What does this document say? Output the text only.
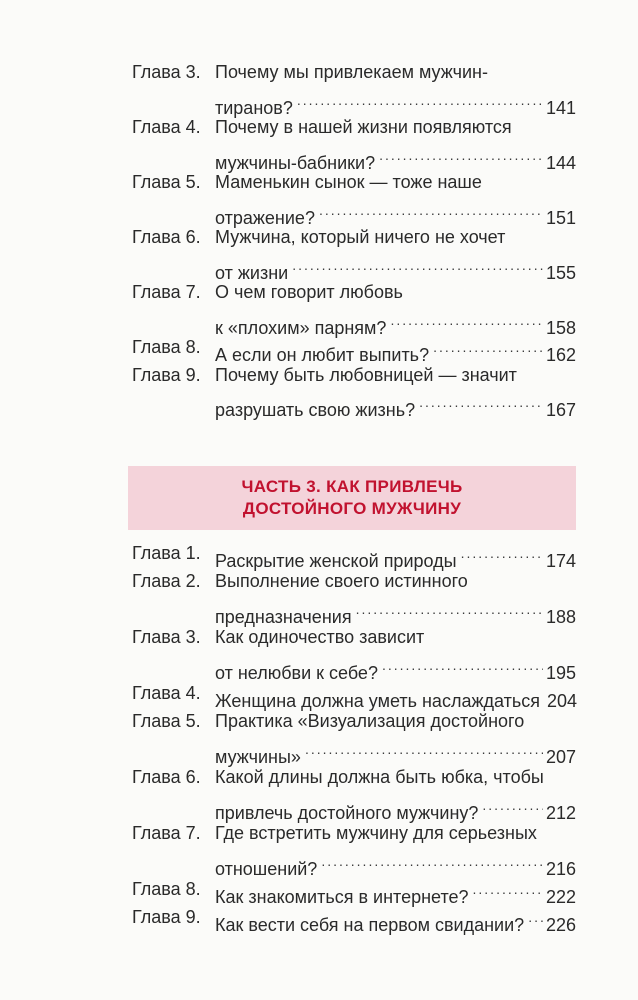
Глава 3. Почему мы привлекаем мужчин-
тиранов? .....	141
Глава 4. Почему в нашей жизни появляются
мужчины-бабники? .....	144
Глава 5. Маменькин сынок — тоже наше
отражение? .....	151
Глава 6. Мужчина, который ничего не хочет
от жизни .....	155
Глава 7. О чем говорит любовь
к «плохим» парням? .....	158
Глава 8. А если он любит выпить? .....	162
Глава 9. Почему быть любовницей — значит
разрушать свою жизнь? .....	167
ЧАСТЬ 3. КАК ПРИВЛЕЧЬ
ДОСТОЙНОГО МУЖЧИНУ
Глава 1. Раскрытие женской природы .....	174
Глава 2. Выполнение своего истинного
предназначения .....	188
Глава 3. Как одиночество зависит
от нелюбви к себе? .....	195
Глава 4. Женщина должна уметь наслаждаться 204
Глава 5. Практика «Визуализация достойного
мужчины» .....	207
Глава 6. Какой длины должна быть юбка, чтобы
привлечь достойного мужчину? .....	212
Глава 7. Где встретить мужчину для серьезных
отношений? .....	216
Глава 8. Как знакомиться в интернете? .....	222
Глава 9. Как вести себя на первом свидании? ..... 226
